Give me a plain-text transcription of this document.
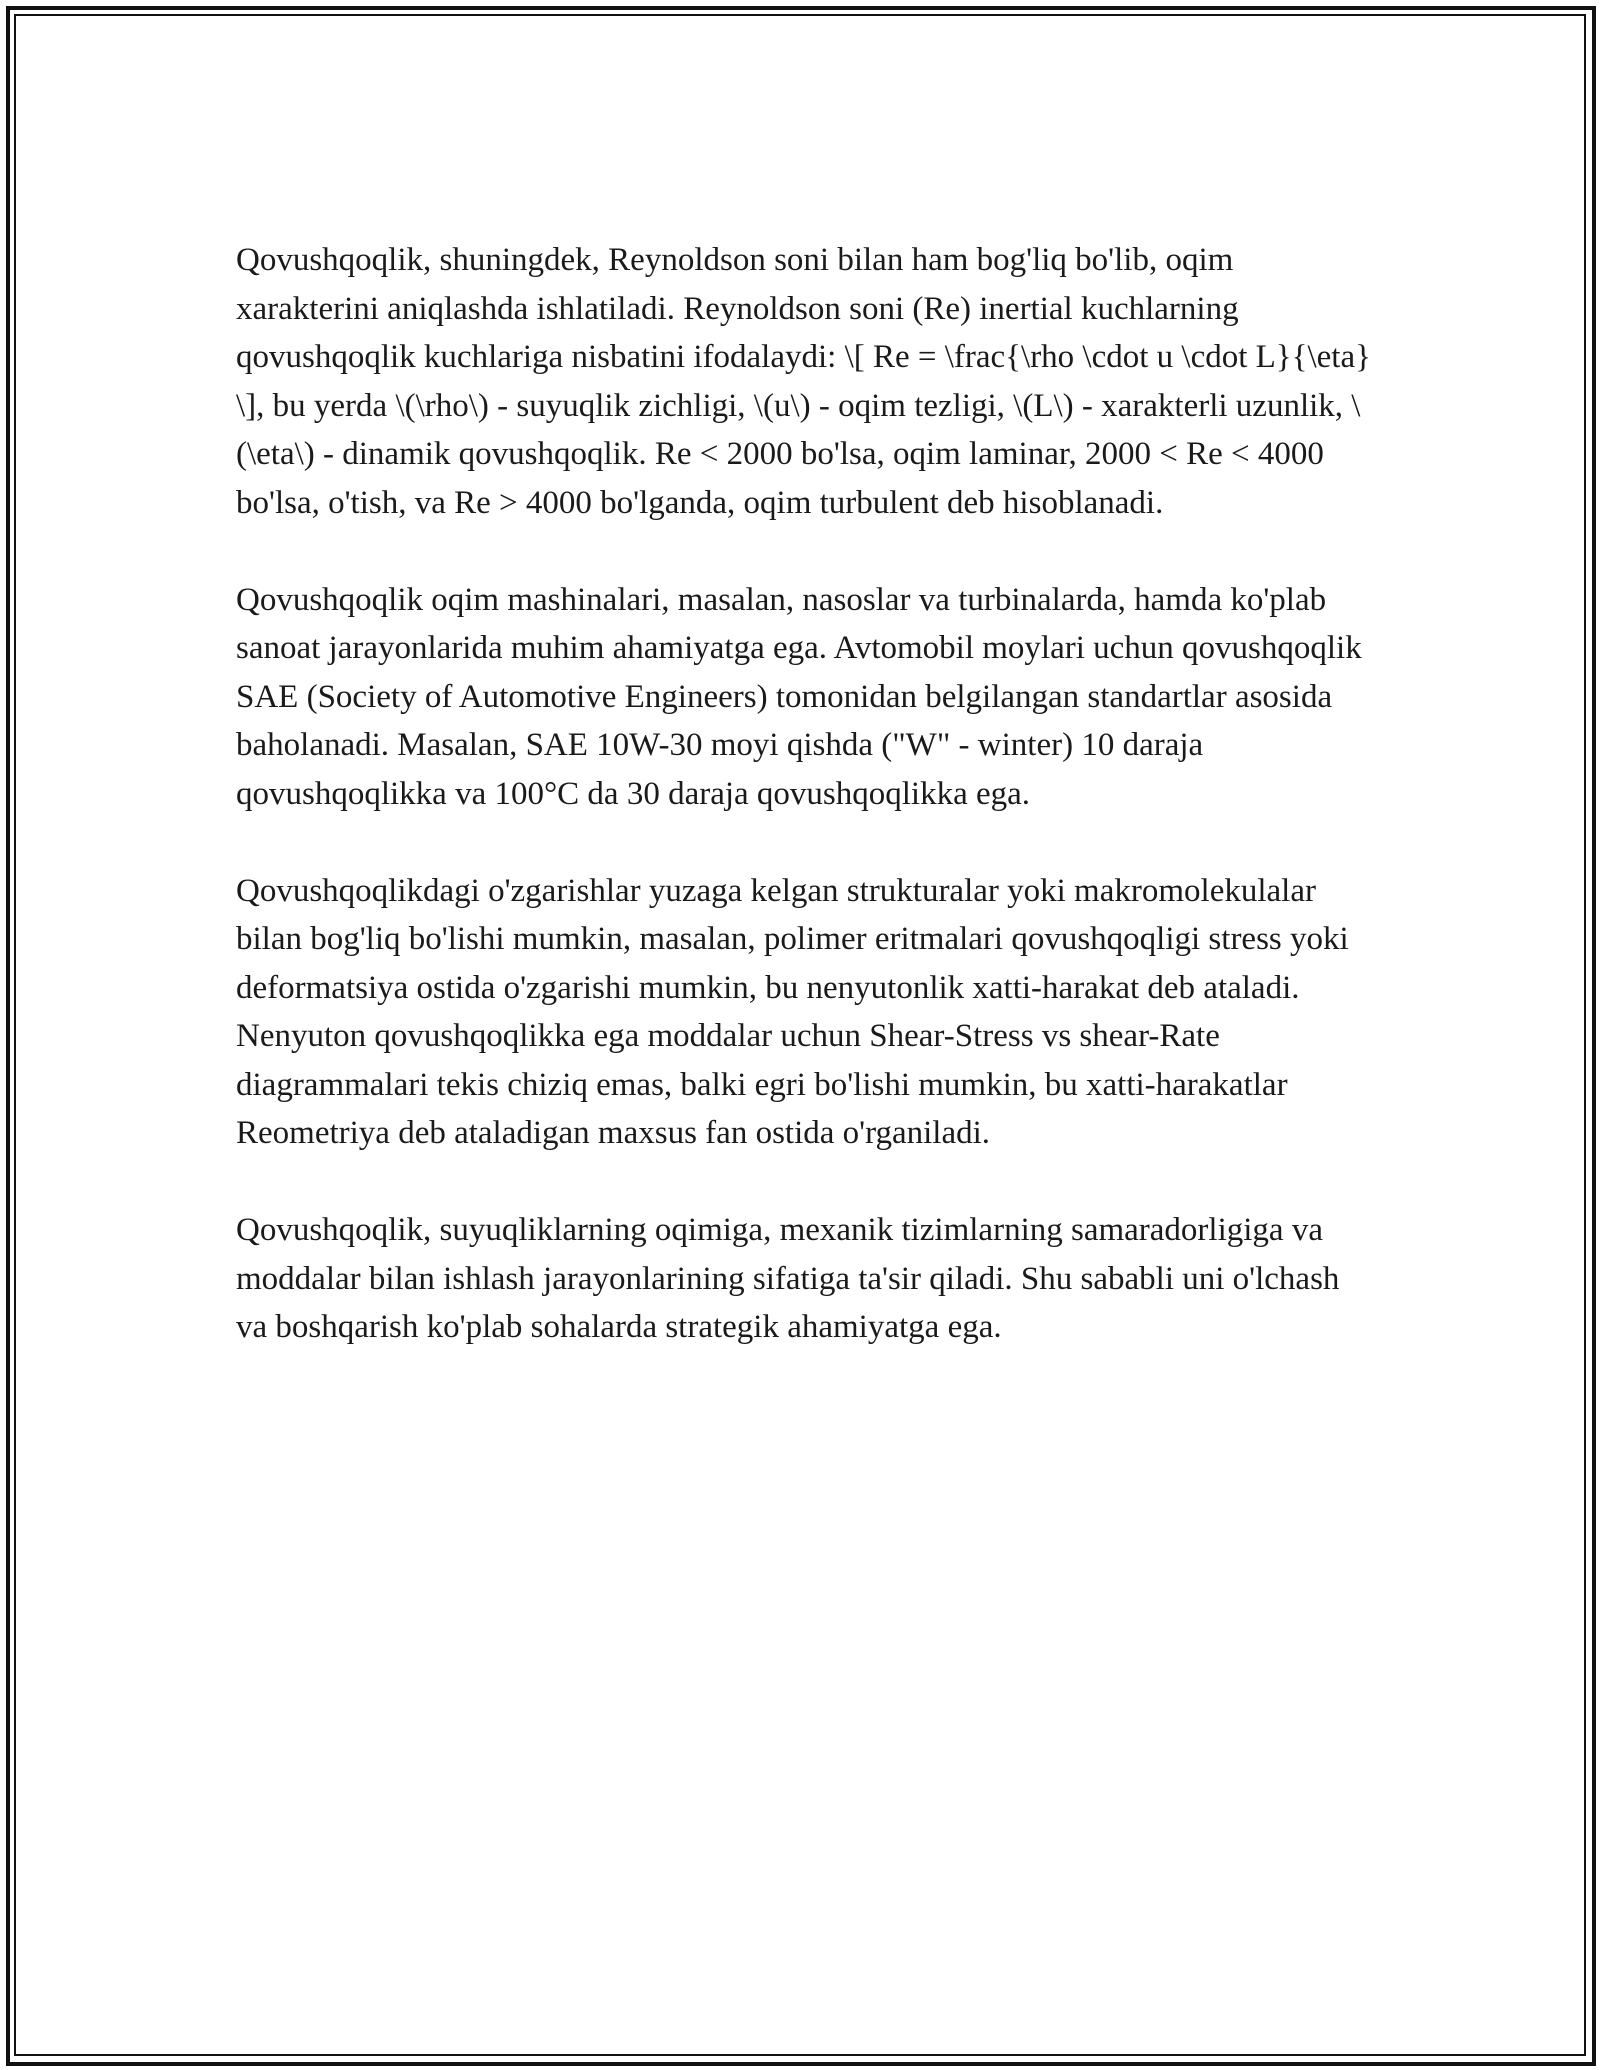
Qovushqoqlik, shuningdek, Reynoldson soni bilan ham bog'liq bo'lib, oqim xarakterini aniqlashda ishlatiladi. Reynoldson soni (Re) inertial kuchlarning qovushqoqlik kuchlariga nisbatini ifodalaydi: \[ Re = \frac{\rho \cdot u \cdot L}{\eta} \], bu yerda \(\rho\) - suyuqlik zichligi, \(u\) - oqim tezligi, \(L\) - xarakterli uzunlik, \(\eta\) - dinamik qovushqoqlik. Re < 2000 bo'lsa, oqim laminar, 2000 < Re < 4000 bo'lsa, o'tish, va Re > 4000 bo'lganda, oqim turbulent deb hisoblanadi.

Qovushqoqlik oqim mashinalari, masalan, nasoslar va turbinalarda, hamda ko'plab sanoat jarayonlarida muhim ahamiyatga ega. Avtomobil moylari uchun qovushqoqlik SAE (Society of Automotive Engineers) tomonidan belgilangan standartlar asosida baholanadi. Masalan, SAE 10W-30 moyi qishda ("W" - winter) 10 daraja qovushqoqlikka va 100°C da 30 daraja qovushqoqlikka ega.

Qovushqoqlikdagi o'zgarishlar yuzaga kelgan strukturalar yoki makromolekulalar bilan bog'liq bo'lishi mumkin, masalan, polimer eritmalari qovushqoqligi stress yoki deformatsiya ostida o'zgarishi mumkin, bu nenyutonlik xatti-harakat deb ataladi. Nenyuton qovushqoqlikka ega moddalar uchun Shear-Stress vs shear-Rate diagrammalari tekis chiziq emas, balki egri bo'lishi mumkin, bu xatti-harakatlar Reometriya deb ataladigan maxsus fan ostida o'rganiladi.

Qovushqoqlik, suyuqliklarning oqimiga, mexanik tizimlarning samaradorligiga va moddalar bilan ishlash jarayonlarining sifatiga ta'sir qiladi. Shu sababli uni o'lchash va boshqarish ko'plab sohalarda strategik ahamiyatga ega.
